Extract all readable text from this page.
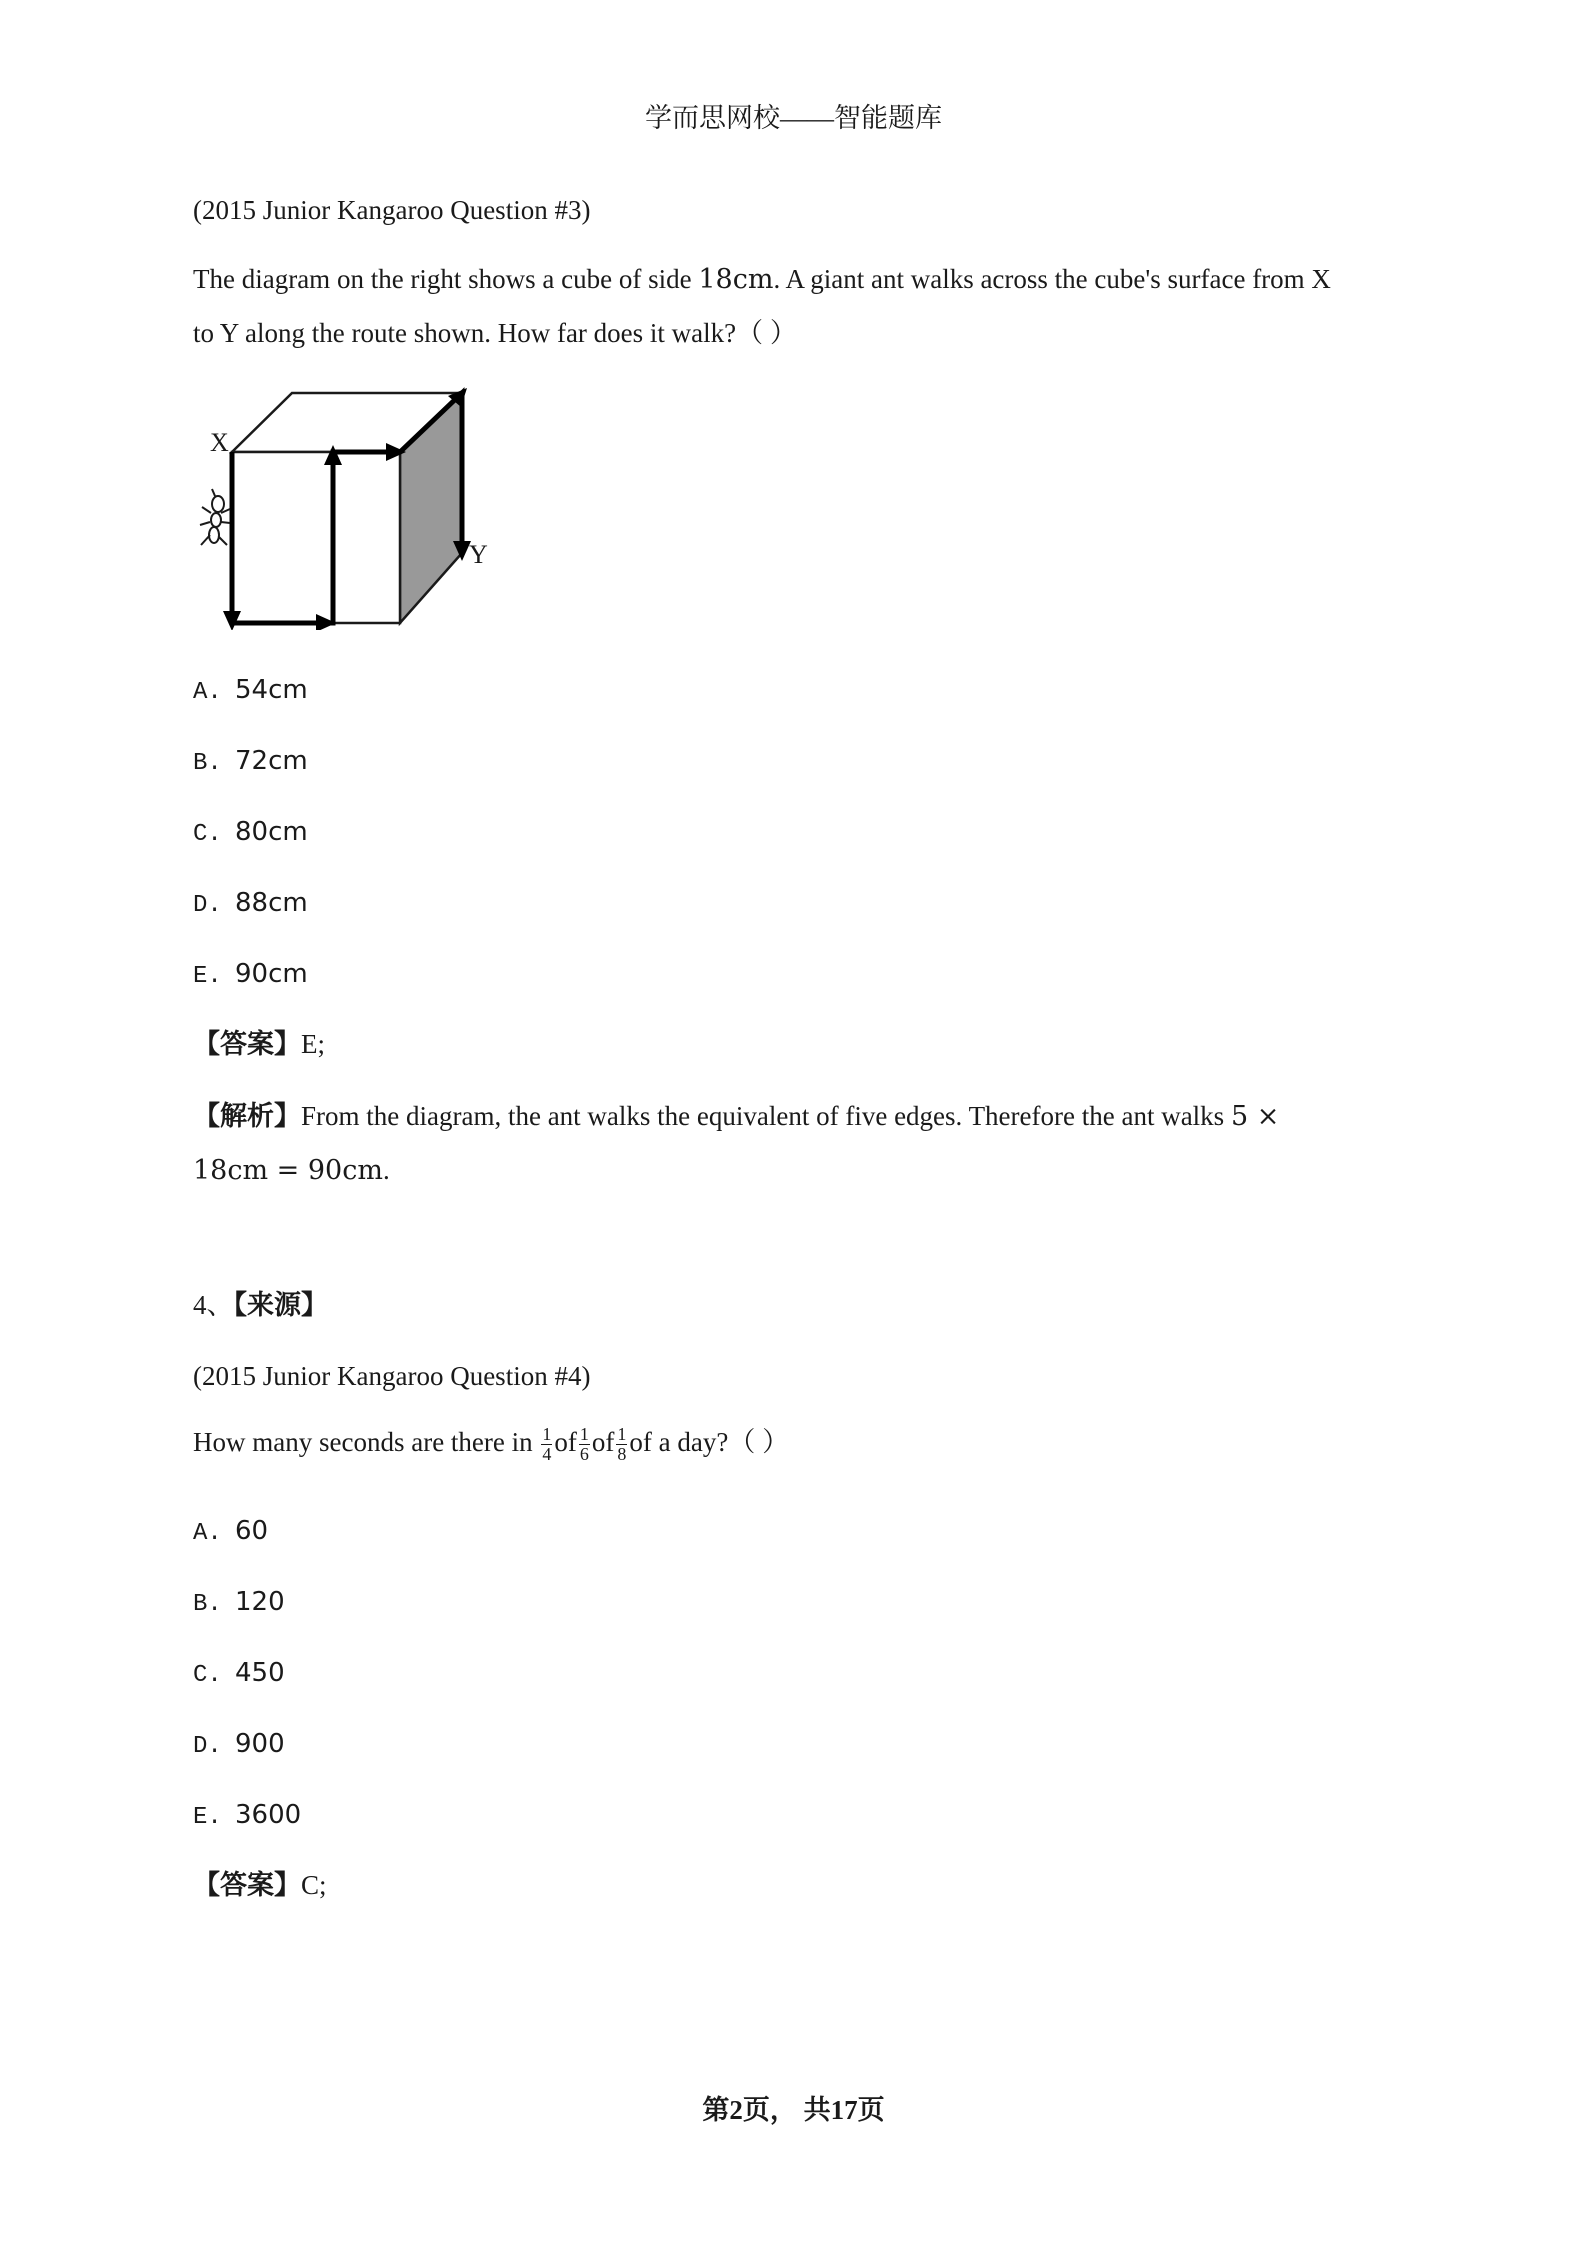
学而思网校——智能题库
(2015 Junior Kangaroo Question #3)
The diagram on the right shows a cube of side 18cm. A giant ant walks across the cube's surface from X
to Y along the route shown. How far does it walk?（ ）
X
Y
A. 54cm
B. 72cm
C. 80cm
D. 88cm
E. 90cm
【答案】E;
【解析】From the diagram, the ant walks the equivalent of five edges. Therefore the ant walks 5 ×
18cm = 90cm.
4、【来源】
(2015 Junior Kangaroo Question #4)
How many seconds are there in $\frac{1}{4}$ of $\frac{1}{6}$ of $\frac{1}{8}$ of a day?（ ）
A. 60
B. 120
C. 450
D. 900
E. 3600
【答案】C;
第2页， 共17页
